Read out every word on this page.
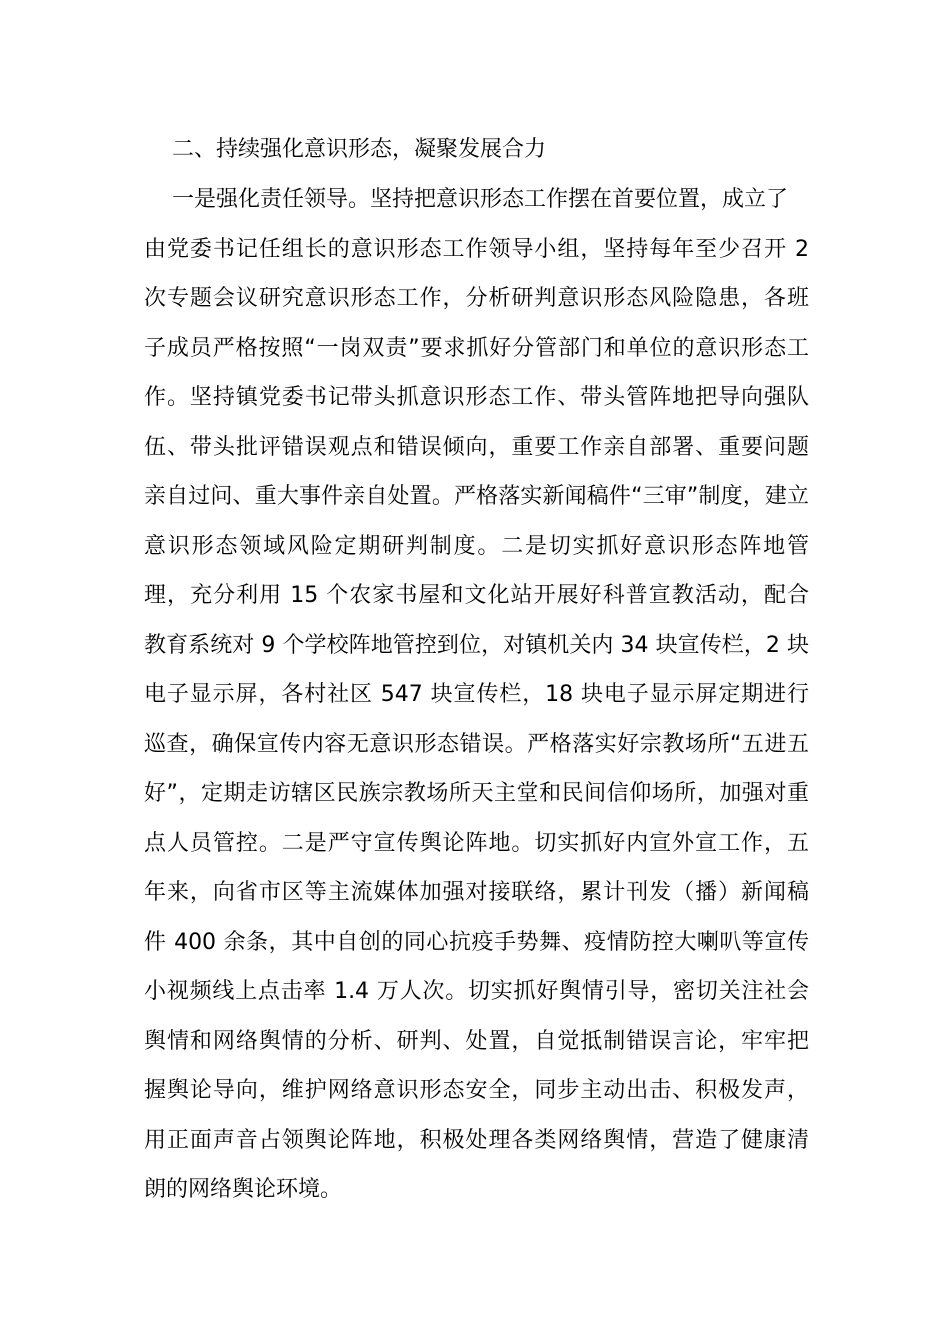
二、持续强化意识形态，凝聚发展合力
一是强化责任领导。坚持把意识形态工作摆在首要位置，成立了
由党委书记任组长的意识形态工作领导小组，坚持每年至少召开 2
次专题会议研究意识形态工作，分析研判意识形态风险隐患，各班
子成员严格按照“一岗双责”要求抓好分管部门和单位的意识形态工
作。坚持镇党委书记带头抓意识形态工作、带头管阵地把导向强队
伍、带头批评错误观点和错误倾向，重要工作亲自部署、重要问题
亲自过问、重大事件亲自处置。严格落实新闻稿件“三审”制度，建立
意识形态领域风险定期研判制度。二是切实抓好意识形态阵地管
理，充分利用 15 个农家书屋和文化站开展好科普宣教活动，配合
教育系统对 9 个学校阵地管控到位，对镇机关内 34 块宣传栏，2 块
电子显示屏，各村社区 547 块宣传栏，18 块电子显示屏定期进行
巡查，确保宣传内容无意识形态错误。严格落实好宗教场所“五进五
好”，定期走访辖区民族宗教场所天主堂和民间信仰场所，加强对重
点人员管控。二是严守宣传舆论阵地。切实抓好内宣外宣工作，五
年来，向省市区等主流媒体加强对接联络，累计刊发（播）新闻稿
件 400 余条，其中自创的同心抗疫手势舞、疫情防控大喇叭等宣传
小视频线上点击率 1.4 万人次。切实抓好舆情引导，密切关注社会
舆情和网络舆情的分析、研判、处置，自觉抵制错误言论，牢牢把
握舆论导向，维护网络意识形态安全，同步主动出击、积极发声，
用正面声音占领舆论阵地，积极处理各类网络舆情，营造了健康清
朗的网络舆论环境。
